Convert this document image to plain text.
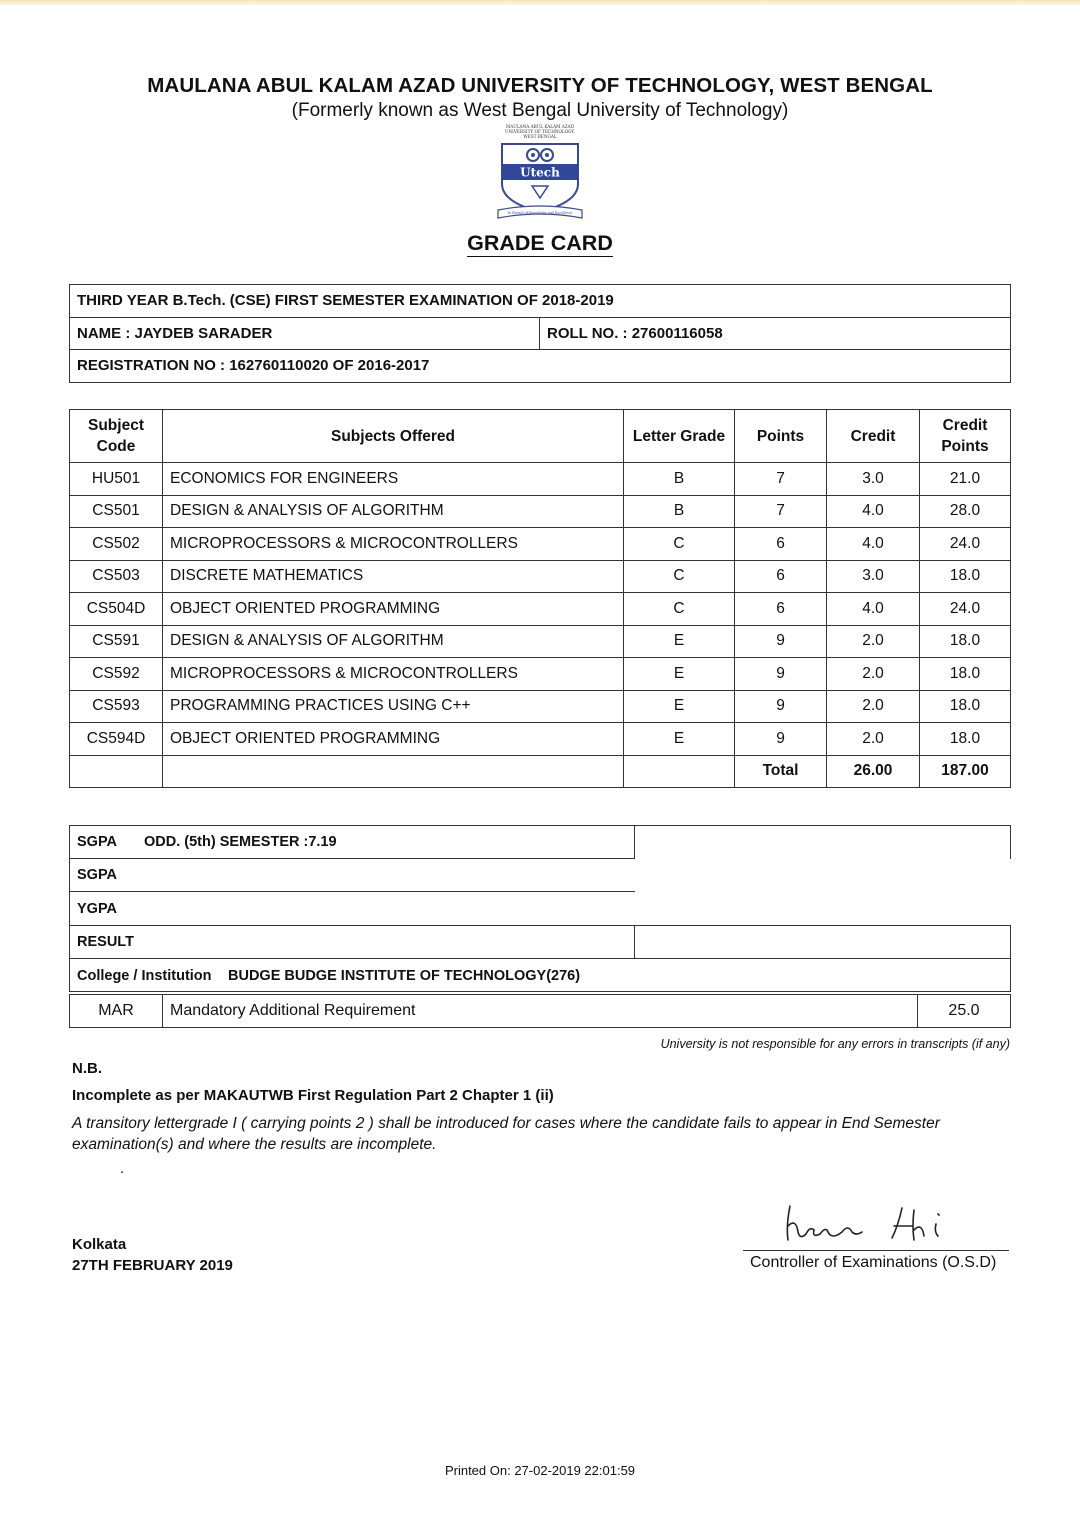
MAULANA ABUL KALAM AZAD UNIVERSITY OF TECHNOLOGY, WEST BENGAL
(Formerly known as West Bengal University of Technology)
MAULANA ABUL KALAM AZAD
UNIVERSITY OF TECHNOLOGY,
WEST BENGAL
Utech
In Pursuit of Knowledge and Excellence
GRADE CARD
THIRD YEAR B.Tech. (CSE) FIRST SEMESTER EXAMINATION OF 2018-2019
NAME : JAYDEB SARADER	ROLL NO. : 27600116058
REGISTRATION NO : 162760110020 OF 2016-2017
Subject Code	Subjects Offered	Letter Grade	Points	Credit	Credit Points
HU501	ECONOMICS FOR ENGINEERS	B	7	3.0	21.0
CS501	DESIGN & ANALYSIS OF ALGORITHM	B	7	4.0	28.0
CS502	MICROPROCESSORS & MICROCONTROLLERS	C	6	4.0	24.0
CS503	DISCRETE MATHEMATICS	C	6	3.0	18.0
CS504D	OBJECT ORIENTED PROGRAMMING	C	6	4.0	24.0
CS591	DESIGN & ANALYSIS OF ALGORITHM	E	9	2.0	18.0
CS592	MICROPROCESSORS & MICROCONTROLLERS	E	9	2.0	18.0
CS593	PROGRAMMING PRACTICES USING C++	E	9	2.0	18.0
CS594D	OBJECT ORIENTED PROGRAMMING	E	9	2.0	18.0
			Total	26.00	187.00
SGPA ODD. (5th) SEMESTER :7.19
SGPA
YGPA
RESULT
College / Institution BUDGE BUDGE INSTITUTE OF TECHNOLOGY(276)
MAR	Mandatory Additional Requirement	25.0
University is not responsible for any errors in transcripts (if any)
N.B.
Incomplete as per MAKAUTWB First Regulation Part 2 Chapter 1 (ii)
A transitory lettergrade I ( carrying points 2 ) shall be introduced for cases where the candidate fails to appear in End Semester examination(s) and where the results are incomplete.
.
Kolkata
27TH FEBRUARY 2019	Controller of Examinations (O.S.D)
Printed On: 27-02-2019 22:01:59
